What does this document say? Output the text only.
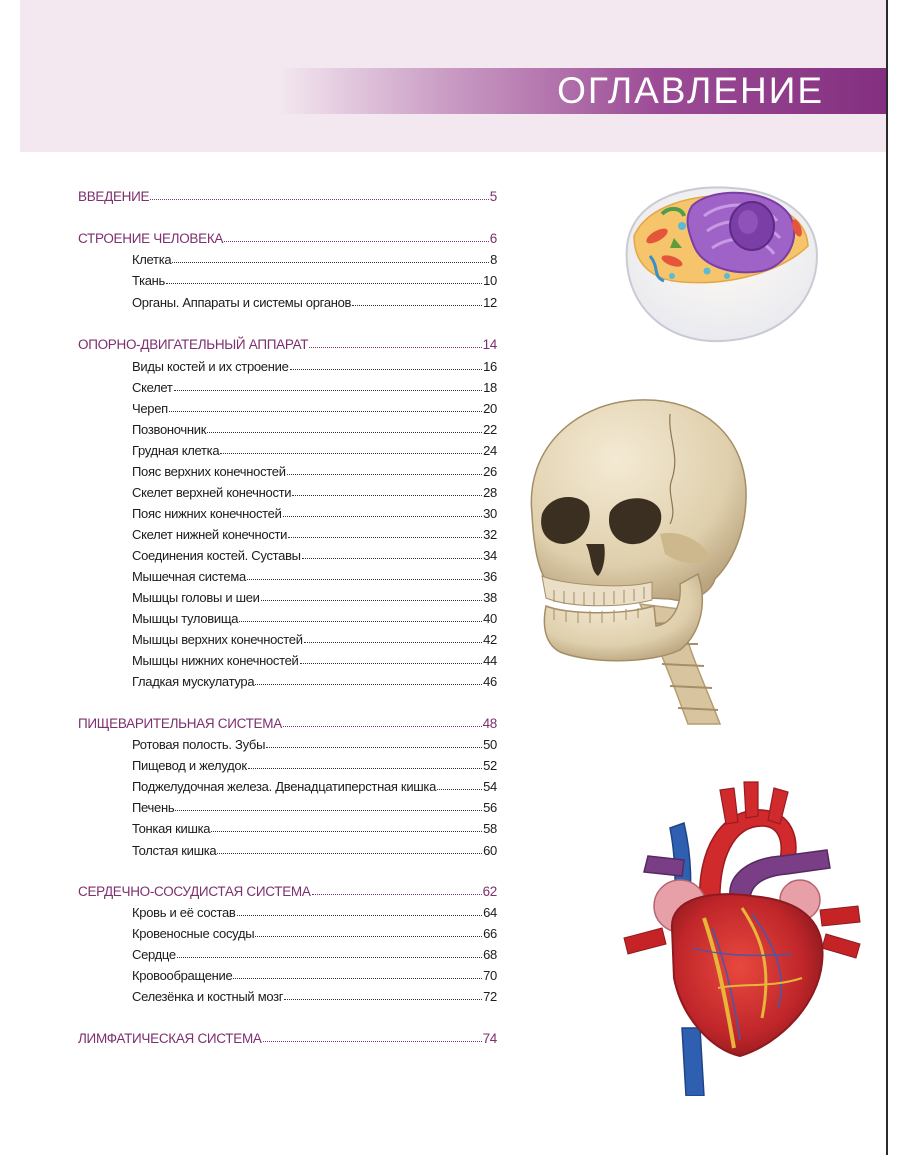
ОГЛАВЛЕНИЕ
ВВЕДЕНИЕ	5
СТРОЕНИЕ ЧЕЛОВЕКА	6
Клетка	8
Ткань	10
Органы. Аппараты и системы органов	12
ОПОРНО-ДВИГАТЕЛЬНЫЙ АППАРАТ	14
Виды костей и их строение	16
Скелет	18
Череп	20
Позвоночник	22
Грудная клетка	24
Пояс верхних конечностей	26
Скелет верхней конечности	28
Пояс нижних конечностей	30
Скелет нижней конечности	32
Соединения костей. Суставы	34
Мышечная система	36
Мышцы головы и шеи	38
Мышцы туловища	40
Мышцы верхних конечностей	42
Мышцы нижних конечностей	44
Гладкая мускулатура	46
ПИЩЕВАРИТЕЛЬНАЯ СИСТЕМА	48
Ротовая полость. Зубы	50
Пищевод и желудок	52
Поджелудочная железа. Двенадцатиперстная кишка	54
Печень	56
Тонкая кишка	58
Толстая кишка	60
СЕРДЕЧНО-СОСУДИСТАЯ СИСТЕМА	62
Кровь и её состав	64
Кровеносные сосуды	66
Сердце	68
Кровообращение	70
Селезёнка и костный мозг	72
ЛИМФАТИЧЕСКАЯ СИСТЕМА	74
